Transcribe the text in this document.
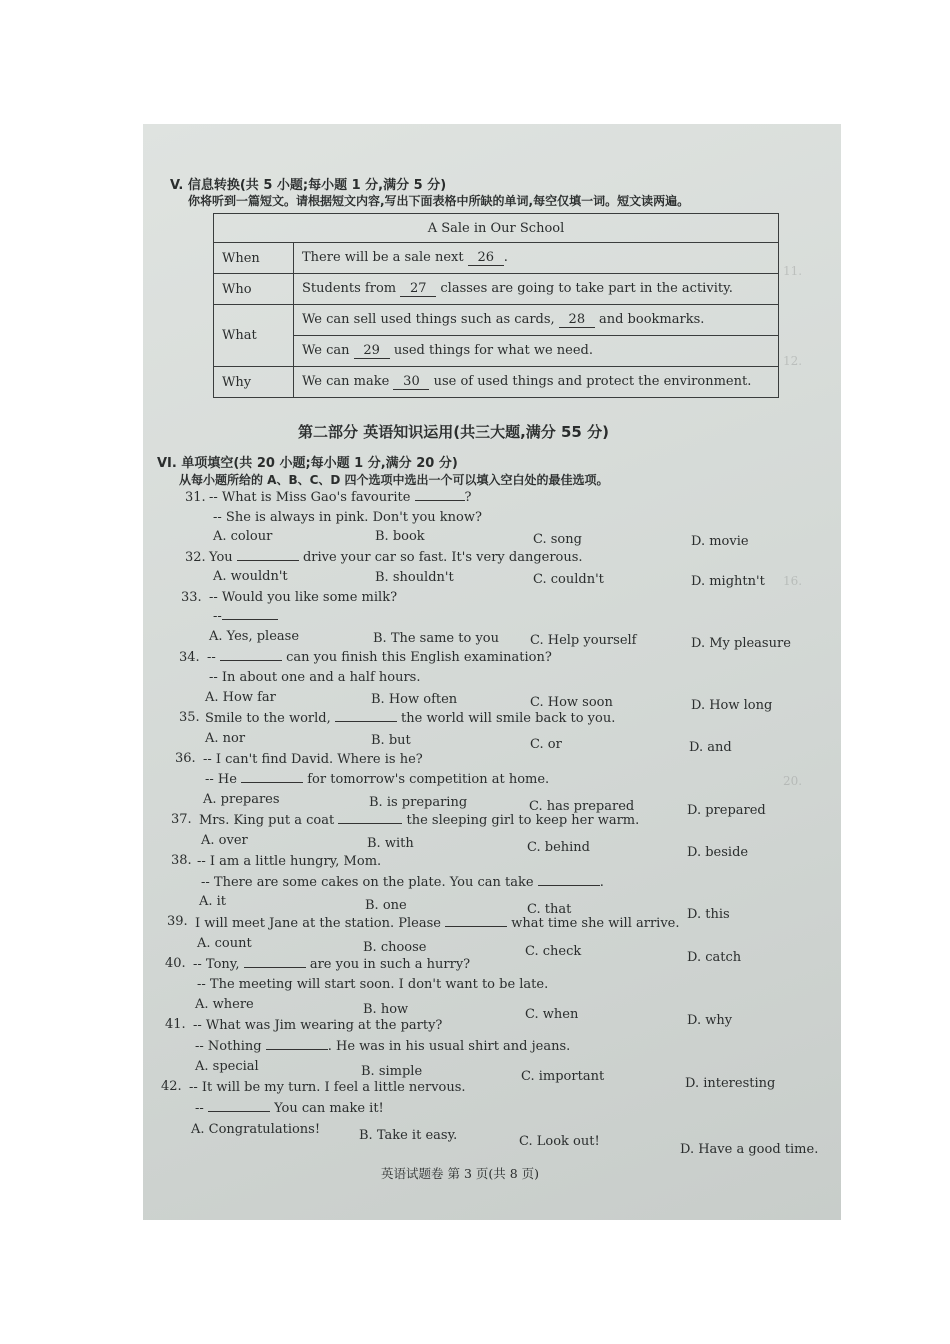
11.
12.
16.
20.
V. 信息转换(共 5 小题;每小题 1 分,满分 5 分)
你将听到一篇短文。请根据短文内容,写出下面表格中所缺的单词,每空仅填一词。短文读两遍。
A Sale in Our School	
When	There will be a sale next 26 .
Who	Students from 27 classes are going to take part in the activity.
What	We can sell used things such as cards, 28 and bookmarks.
	We can 29 used things for what we need.
Why	We can make 30 use of used things and protect the environment.
第二部分 英语知识运用(共三大题,满分 55 分)
VI. 单项填空(共 20 小题;每小题 1 分,满分 20 分)
从每小题所给的 A、B、C、D 四个选项中选出一个可以填入空白处的最佳选项。
31. -- What is Miss Gao's favourite	?
-- She is always in pink. Don't you know?
A. colour	B. book	C. song	D. movie
32. You	drive your car so fast. It's very dangerous.
A. wouldn't	B. shouldn't	C. couldn't	D. mightn't
33. -- Would you like some milk?
--
A. Yes, please	B. The same to you C. Help yourself	D. My pleasure
34. --	can you finish this English examination?
-- In about one and a half hours.
A. How far	B. How often	C. How soon	D. How long
35. Smile to the world,	the world will smile back to you.
A. nor	B. but	C. or	D. and
36. -- I can't find David. Where is he?
-- He	for tomorrow's competition at home.
A. prepares	B. is preparing	C. has prepared	D. prepared
37. Mrs. King put a coat	the sleeping girl to keep her warm.
A. over	B. with	C. behind	D. beside
38. -- I am a little hungry, Mom.
-- There are some cakes on the plate. You can take	.
A. it	B. one	C. that	D. this
39. I will meet Jane at the station. Please	what time she will arrive.
A. count	B. choose	C. check	D. catch
40. -- Tony,	are you in such a hurry?
-- The meeting will start soon. I don't want to be late.
A. where	B. how	C. when	D. why
41. -- What was Jim wearing at the party?
-- Nothing	. He was in his usual shirt and jeans.
A. special	B. simple	C. important	D. interesting
42. -- It will be my turn. I feel a little nervous.
--	You can make it!
A. Congratulations!	B. Take it easy.	C. Look out!
D. Have a good time.
英语试题卷 第 3 页(共 8 页)
